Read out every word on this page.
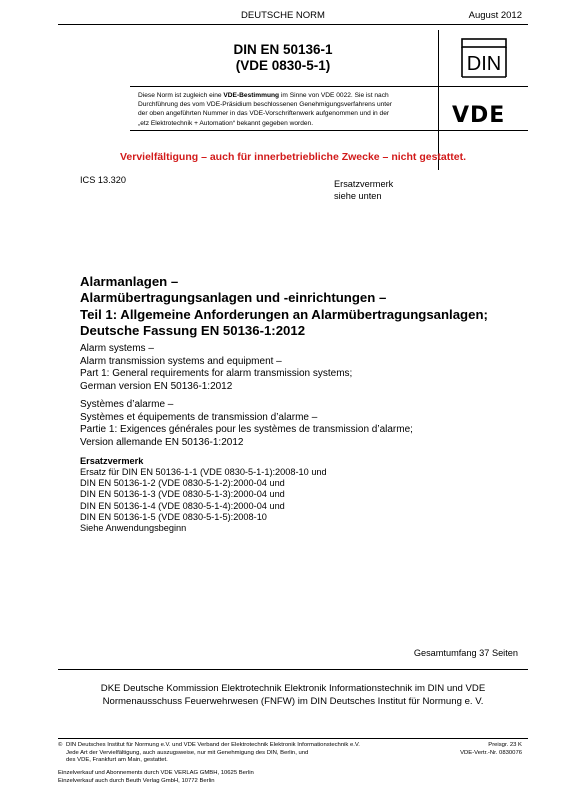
DEUTSCHE NORM	August 2012
DIN EN 50136-1
(VDE 0830-5-1)	DIN
VDE
Diese Norm ist zugleich eine VDE-Bestimmung im Sinne von VDE 0022. Sie ist nach
Durchführung des vom VDE-Präsidium beschlossenen Genehmigungsverfahrens unter
der oben angeführten Nummer in das VDE-Vorschriftenwerk aufgenommen und in der
„etz Elektrotechnik + Automation“ bekannt gegeben worden.
Vervielfältigung – auch für innerbetriebliche Zwecke – nicht gestattet.
ICS 13.320	Ersatzvermerk
siehe unten
Alarmanlagen –
Alarmübertragungsanlagen und -einrichtungen –
Teil 1: Allgemeine Anforderungen an Alarmübertragungsanlagen;
Deutsche Fassung EN 50136-1:2012
Alarm systems –
Alarm transmission systems and equipment –
Part 1: General requirements for alarm transmission systems;
German version EN 50136-1:2012
Systèmes d’alarme –
Systèmes et équipements de transmission d’alarme –
Partie 1: Exigences générales pour les systèmes de transmission d’alarme;
Version allemande EN 50136-1:2012
Ersatzvermerk
Ersatz für DIN EN 50136-1-1 (VDE 0830-5-1-1):2008-10 und
DIN EN 50136-1-2 (VDE 0830-5-1-2):2000-04 und
DIN EN 50136-1-3 (VDE 0830-5-1-3):2000-04 und
DIN EN 50136-1-4 (VDE 0830-5-1-4):2000-04 und
DIN EN 50136-1-5 (VDE 0830-5-1-5):2008-10
Siehe Anwendungsbeginn
Gesamtumfang 37 Seiten
DKE Deutsche Kommission Elektrotechnik Elektronik Informationstechnik im DIN und VDE
Normenausschuss Feuerwehrwesen (FNFW) im DIN Deutsches Institut für Normung e. V.
© DIN Deutsches Institut für Normung e.V. und VDE Verband der Elektrotechnik Elektronik Informationstechnik e.V.
Jede Art der Vervielfältigung, auch auszugsweise, nur mit Genehmigung des DIN, Berlin, und
des VDE, Frankfurt am Main, gestattet.
Preisgr. 23 K
VDE-Vertr.-Nr. 0830076
Einzelverkauf und Abonnements durch VDE VERLAG GMBH, 10625 Berlin
Einzelverkauf auch durch Beuth Verlag GmbH, 10772 Berlin
